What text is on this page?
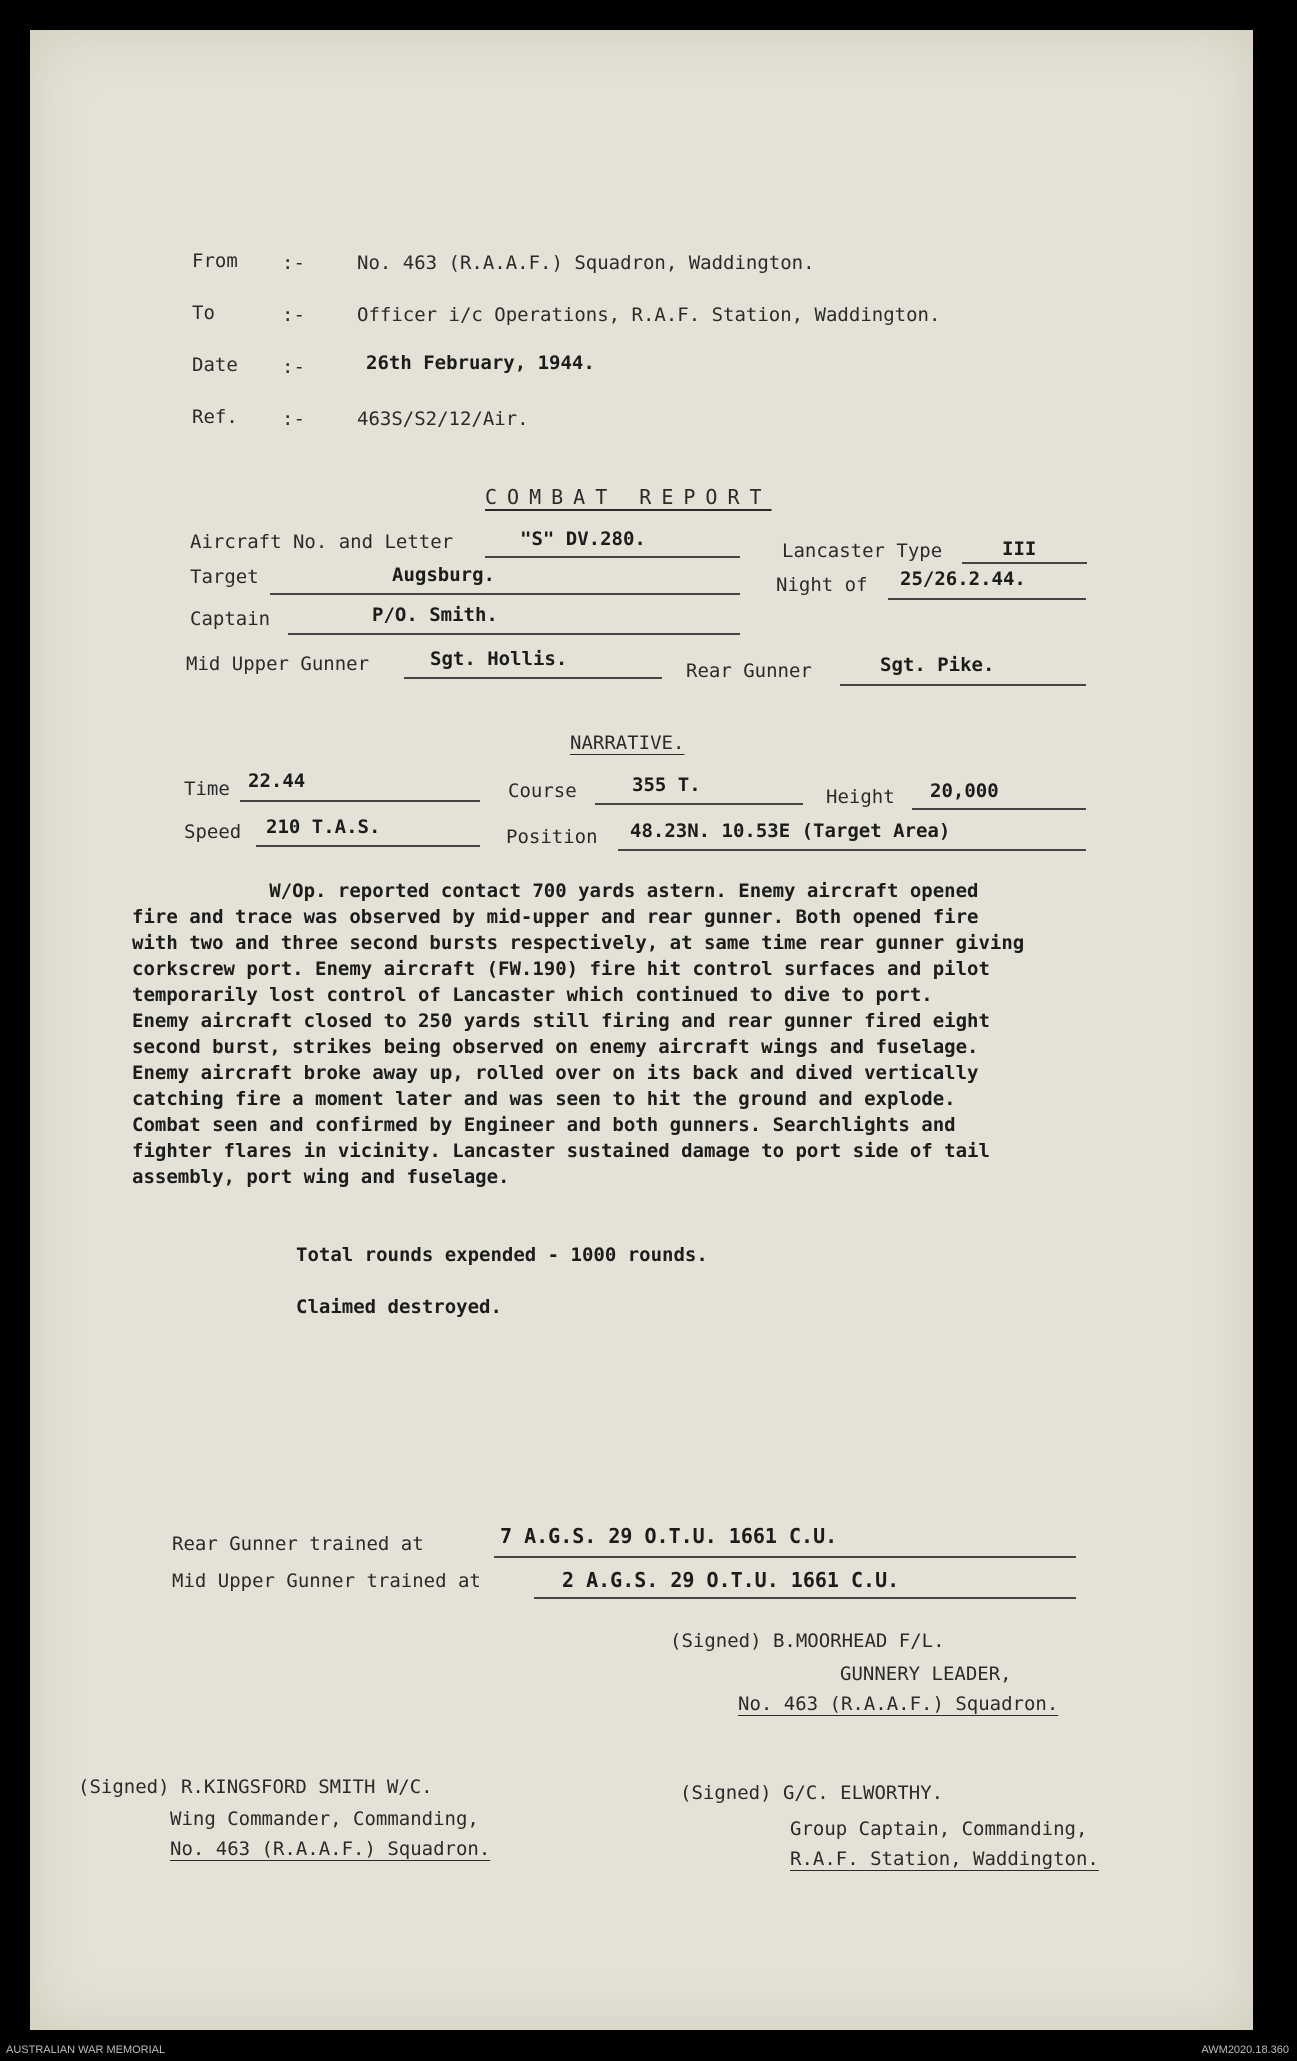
From :-	No. 463 (R.A.A.F.) Squadron, Waddington.
To	:-	Officer i/c Operations, R.A.F. Station, Waddington.
Date :-	26th February, 1944.
Ref. :-	463S/S2/12/Air.
COMBAT REPORT
Aircraft No. and Letter	"S" DV.280.
Lancaster Type	III
Target	Augsburg.	Night of 25/26.2.44.
Captain	P/O. Smith.
Mid Upper Gunner	Sgt. Hollis.
Rear Gunner	Sgt. Pike.
NARRATIVE.
Time 22.44	Course	355 T.
Height 20,000
Speed 210 T.A.S.	Position 48.23N. 10.53E (Target Area)

W/Op. reported contact 700 yards astern. Enemy aircraft opened

fire and trace was observed by mid-upper and rear gunner. Both opened fire

with two and three second bursts respectively, at same time rear gunner giving

corkscrew port. Enemy aircraft (FW.190) fire hit control surfaces and pilot

temporarily lost control of Lancaster which continued to dive to port.

Enemy aircraft closed to 250 yards still firing and rear gunner fired eight

second burst, strikes being observed on enemy aircraft wings and fuselage.

Enemy aircraft broke away up, rolled over on its back and dived vertically

catching fire a moment later and was seen to hit the ground and explode.

Combat seen and confirmed by Engineer and both gunners. Searchlights and

fighter flares in vicinity. Lancaster sustained damage to port side of tail

assembly, port wing and fuselage.

Total rounds expended - 1000 rounds.
Claimed destroyed.
Rear Gunner trained at	7 A.G.S. 29 O.T.U. 1661 C.U.
Mid Upper Gunner trained at	2 A.G.S. 29 O.T.U. 1661 C.U.
(Signed) B.MOORHEAD F/L.
GUNNERY LEADER,
No. 463 (R.A.A.F.) Squadron.
(Signed) R.KINGSFORD SMITH W/C.
Wing Commander, Commanding,
No. 463 (R.A.A.F.) Squadron.
(Signed) G/C. ELWORTHY.
Group Captain, Commanding,
R.A.F. Station, Waddington.
AUSTRALIAN WAR MEMORIAL	AWM2020.18.360
